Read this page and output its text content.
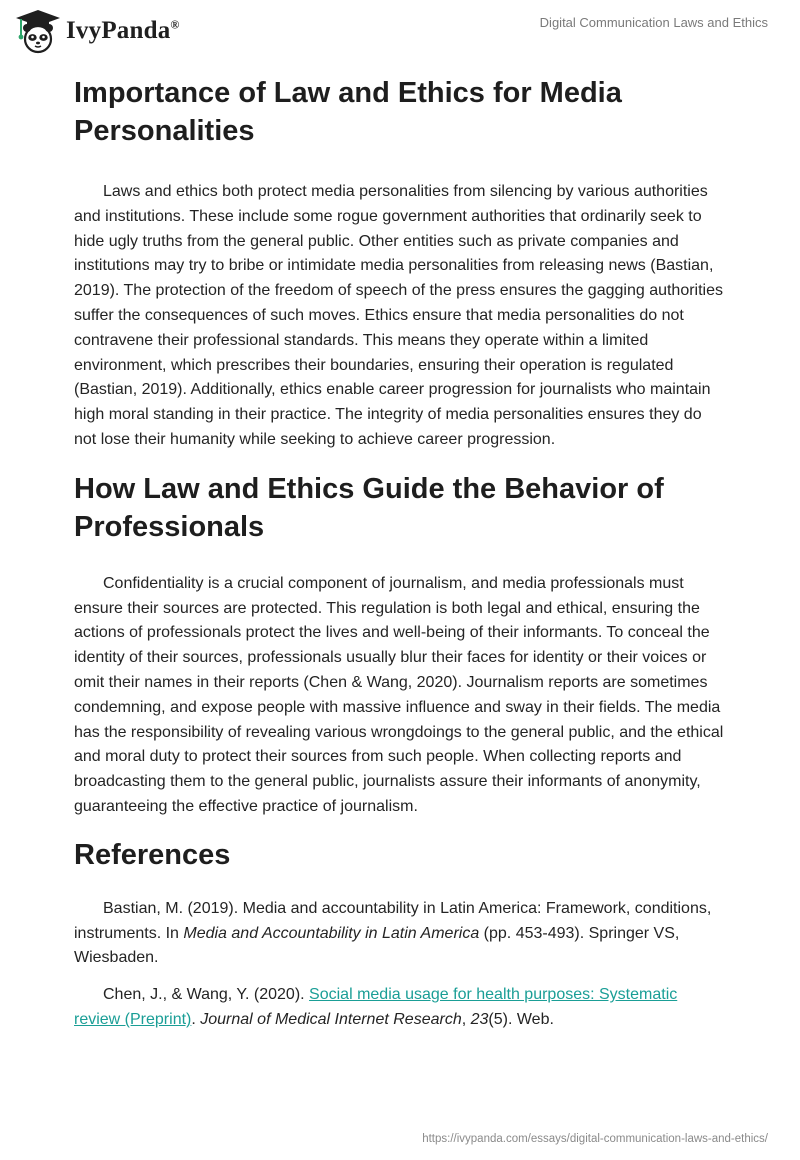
IvyPanda®	Digital Communication Laws and Ethics
Importance of Law and Ethics for Media Personalities

Laws and ethics both protect media personalities from silencing by various authorities and institutions. These include some rogue government authorities that ordinarily seek to hide ugly truths from the general public. Other entities such as private companies and institutions may try to bribe or intimidate media personalities from releasing news (Bastian, 2019). The protection of the freedom of speech of the press ensures the gagging authorities suffer the consequences of such moves. Ethics ensure that media personalities do not contravene their professional standards. This means they operate within a limited environment, which prescribes their boundaries, ensuring their operation is regulated (Bastian, 2019). Additionally, ethics enable career progression for journalists who maintain high moral standing in their practice. The integrity of media personalities ensures they do not lose their humanity while seeking to achieve career progression.

How Law and Ethics Guide the Behavior of Professionals

Confidentiality is a crucial component of journalism, and media professionals must ensure their sources are protected. This regulation is both legal and ethical, ensuring the actions of professionals protect the lives and well-being of their informants. To conceal the identity of their sources, professionals usually blur their faces for identity or their voices or omit their names in their reports (Chen & Wang, 2020). Journalism reports are sometimes condemning, and expose people with massive influence and sway in their fields. The media has the responsibility of revealing various wrongdoings to the general public, and the ethical and moral duty to protect their sources from such people. When collecting reports and broadcasting them to the general public, journalists assure their informants of anonymity, guaranteeing the effective practice of journalism.

References

Bastian, M. (2019). Media and accountability in Latin America: Framework, conditions, instruments. In Media and Accountability in Latin America (pp. 453-493). Springer VS, Wiesbaden.

Chen, J., & Wang, Y. (2020). Social media usage for health purposes: Systematic review (Preprint). Journal of Medical Internet Research, 23(5). Web.

https://ivypanda.com/essays/digital-communication-laws-and-ethics/
